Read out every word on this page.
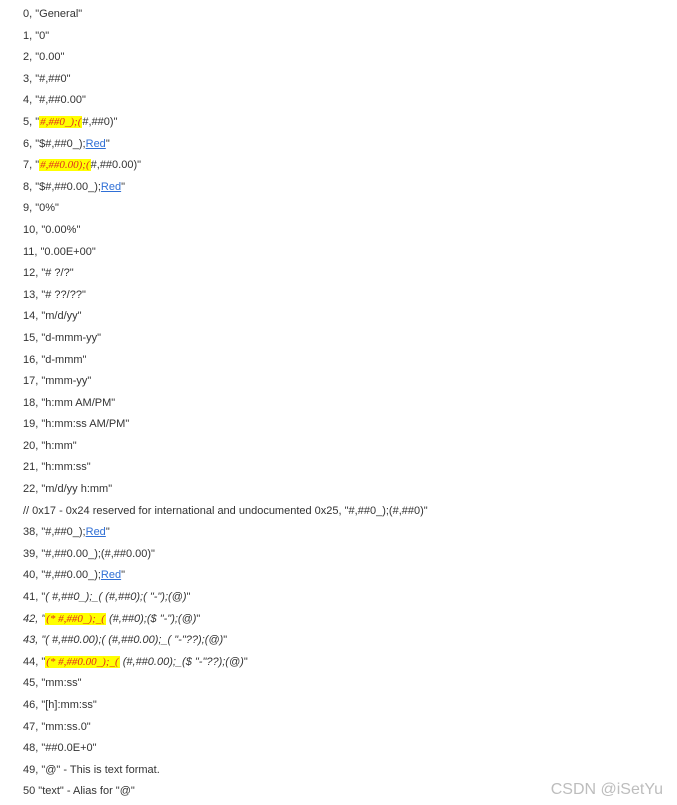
0, "General"
1, "0"
2, "0.00"
3, "#,##0"
4, "#,##0.00"
5, "#,##0_);(#,##0)"
6, "$#,##0_);Red"
7, "#,##0.00);(#,##0.00)"
8, "$#,##0.00_);Red"
9, "0%"
10, "0.00%"
11, "0.00E+00"
12, "# ?/?"
13, "# ??/??"
14, "m/d/yy"
15, "d-mmm-yy"
16, "d-mmm"
17, "mmm-yy"
18, "h:mm AM/PM"
19, "h:mm:ss AM/PM"
20, "h:mm"
21, "h:mm:ss"
22, "m/d/yy h:mm"
// 0x17 - 0x24 reserved for international and undocumented 0x25, "#,##0_);(#,##0)"
38, "#,##0_);Red"
39, "#,##0.00_);(#,##0.00)"
40, "#,##0.00_);Red"
41, "( #,##0_);_( (#,##0);( "-");(@)"
42, "(* #,##0_);_( (#,##0);($ "-");(@)"
43, "( #,##0.00);( (#,##0.00);_( "-"??);(@)"
44, "(* #,##0.00_);_( (#,##0.00);_($ "-"??);(@)"
45, "mm:ss"
46, "[h]:mm:ss"
47, "mm:ss.0"
48, "##0.0E+0"
49, "@" - This is text format.
50 "text" - Alias for "@"	CSDN @iSetYu
